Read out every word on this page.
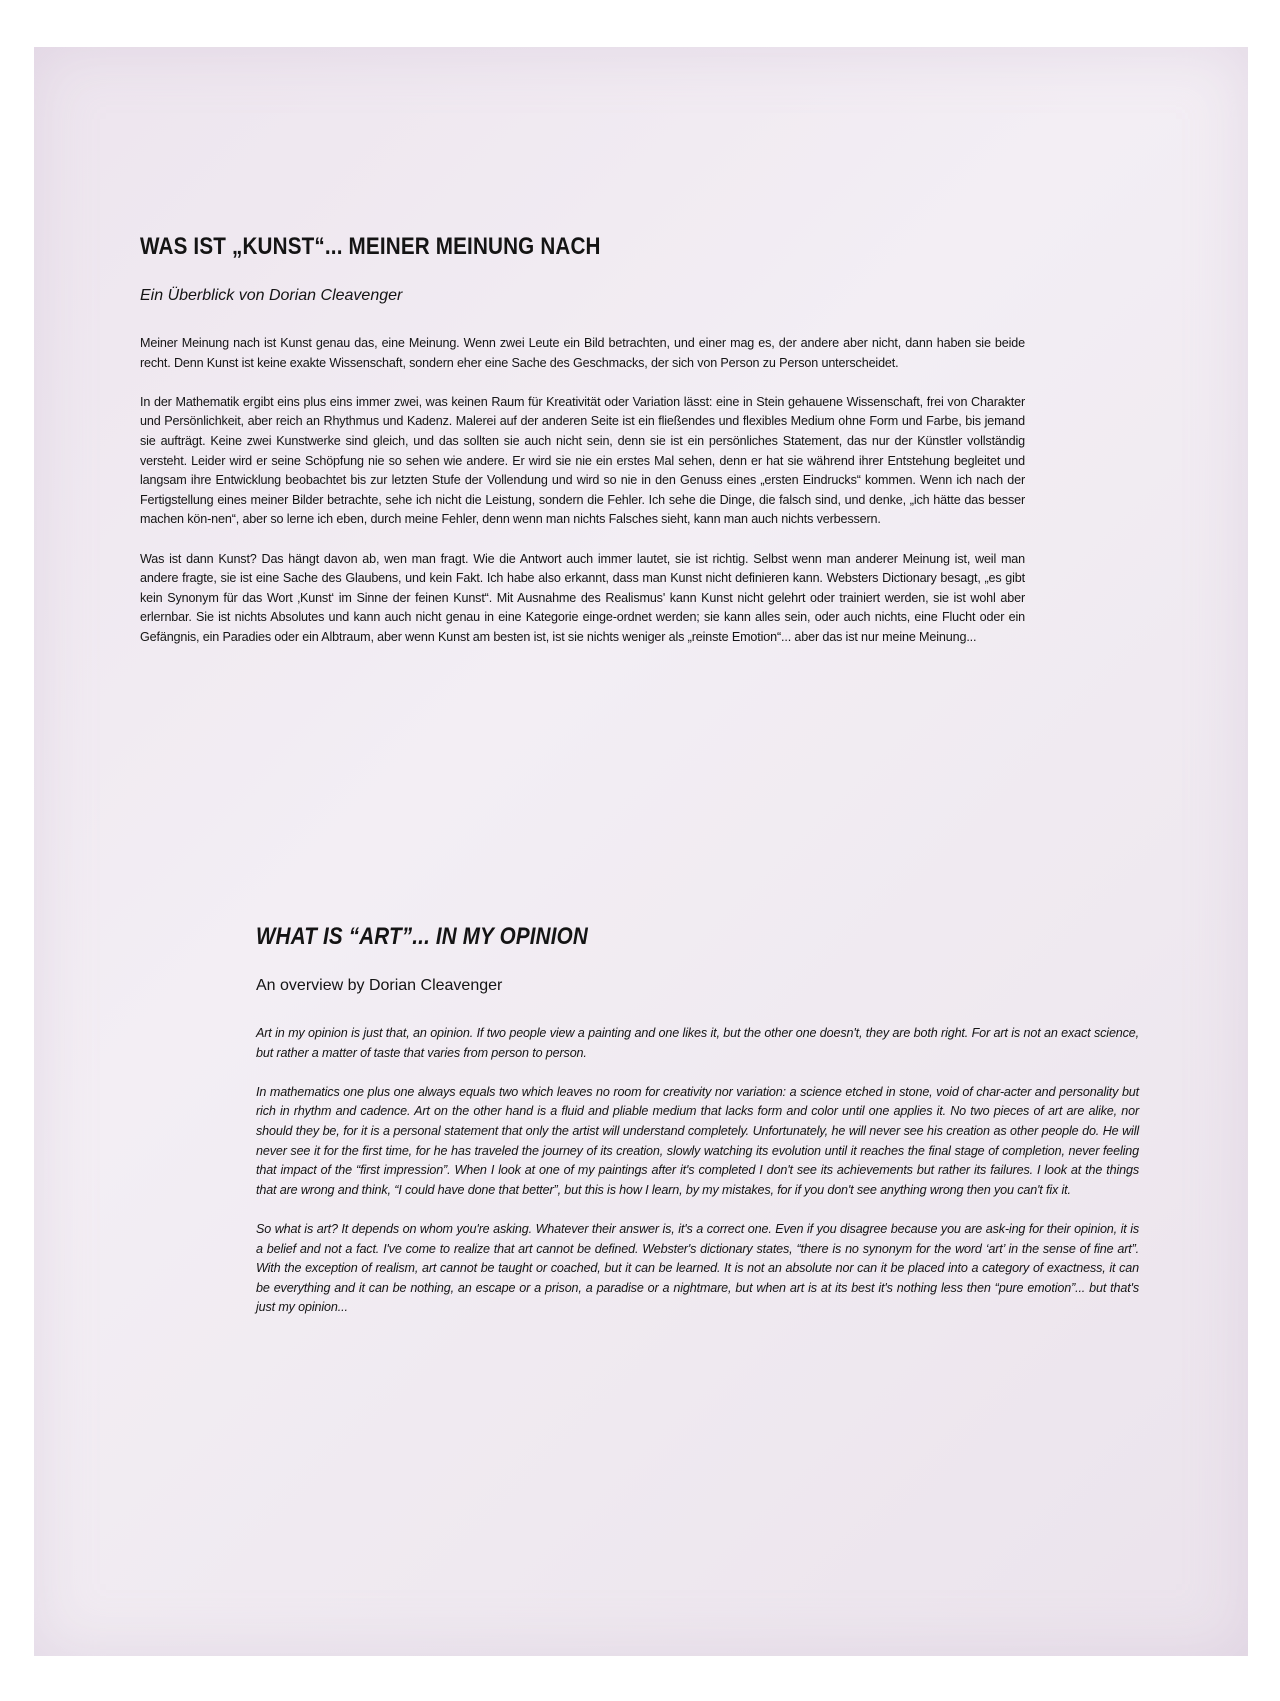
WAS IST „KUNST“... MEINER MEINUNG NACH

Ein Überblick von Dorian Cleavenger

Meiner Meinung nach ist Kunst genau das, eine Meinung. Wenn zwei Leute ein Bild betrachten, und einer mag es, der andere aber nicht, dann haben sie beide recht. Denn Kunst ist keine exakte Wissenschaft, sondern eher eine Sache des Geschmacks, der sich von Person zu Person unterscheidet.

In der Mathematik ergibt eins plus eins immer zwei, was keinen Raum für Kreativität oder Variation lässt: eine in Stein gehauene Wissenschaft, frei von Charakter und Persönlichkeit, aber reich an Rhythmus und Kadenz. Malerei auf der anderen Seite ist ein fließendes und flexibles Medium ohne Form und Farbe, bis jemand sie aufträgt. Keine zwei Kunstwerke sind gleich, und das sollten sie auch nicht sein, denn sie ist ein persönliches Statement, das nur der Künstler vollständig versteht. Leider wird er seine Schöpfung nie so sehen wie andere. Er wird sie nie ein erstes Mal sehen, denn er hat sie während ihrer Entstehung begleitet und langsam ihre Entwicklung beobachtet bis zur letzten Stufe der Vollendung und wird so nie in den Genuss eines „ersten Eindrucks“ kommen. Wenn ich nach der Fertigstellung eines meiner Bilder betrachte, sehe ich nicht die Leistung, sondern die Fehler. Ich sehe die Dinge, die falsch sind, und denke, „ich hätte das besser machen kön-nen“, aber so lerne ich eben, durch meine Fehler, denn wenn man nichts Falsches sieht, kann man auch nichts verbessern.

Was ist dann Kunst? Das hängt davon ab, wen man fragt. Wie die Antwort auch immer lautet, sie ist richtig. Selbst wenn man anderer Meinung ist, weil man andere fragte, sie ist eine Sache des Glaubens, und kein Fakt. Ich habe also erkannt, dass man Kunst nicht definieren kann. Websters Dictionary besagt, „es gibt kein Synonym für das Wort ‚Kunst‘ im Sinne der feinen Kunst“. Mit Ausnahme des Realismus' kann Kunst nicht gelehrt oder trainiert werden, sie ist wohl aber erlernbar. Sie ist nichts Absolutes und kann auch nicht genau in eine Kategorie einge-ordnet werden; sie kann alles sein, oder auch nichts, eine Flucht oder ein Gefängnis, ein Paradies oder ein Albtraum, aber wenn Kunst am besten ist, ist sie nichts weniger als „reinste Emotion“... aber das ist nur meine Meinung...

WHAT IS “ART”... IN MY OPINION

An overview by Dorian Cleavenger

Art in my opinion is just that, an opinion. If two people view a painting and one likes it, but the other one doesn't, they are both right. For art is not an exact science, but rather a matter of taste that varies from person to person.

In mathematics one plus one always equals two which leaves no room for creativity nor variation: a science etched in stone, void of char-acter and personality but rich in rhythm and cadence. Art on the other hand is a fluid and pliable medium that lacks form and color until one applies it. No two pieces of art are alike, nor should they be, for it is a personal statement that only the artist will understand completely. Unfortunately, he will never see his creation as other people do. He will never see it for the first time, for he has traveled the journey of its creation, slowly watching its evolution until it reaches the final stage of completion, never feeling that impact of the “first impression”. When I look at one of my paintings after it's completed I don't see its achievements but rather its failures. I look at the things that are wrong and think, “I could have done that better”, but this is how I learn, by my mistakes, for if you don't see anything wrong then you can't fix it.

So what is art? It depends on whom you're asking. Whatever their answer is, it's a correct one. Even if you disagree because you are ask-ing for their opinion, it is a belief and not a fact. I've come to realize that art cannot be defined. Webster's dictionary states, “there is no synonym for the word ‘art’ in the sense of fine art”. With the exception of realism, art cannot be taught or coached, but it can be learned. It is not an absolute nor can it be placed into a category of exactness, it can be everything and it can be nothing, an escape or a prison, a paradise or a nightmare, but when art is at its best it's nothing less then “pure emotion”... but that's just my opinion...
